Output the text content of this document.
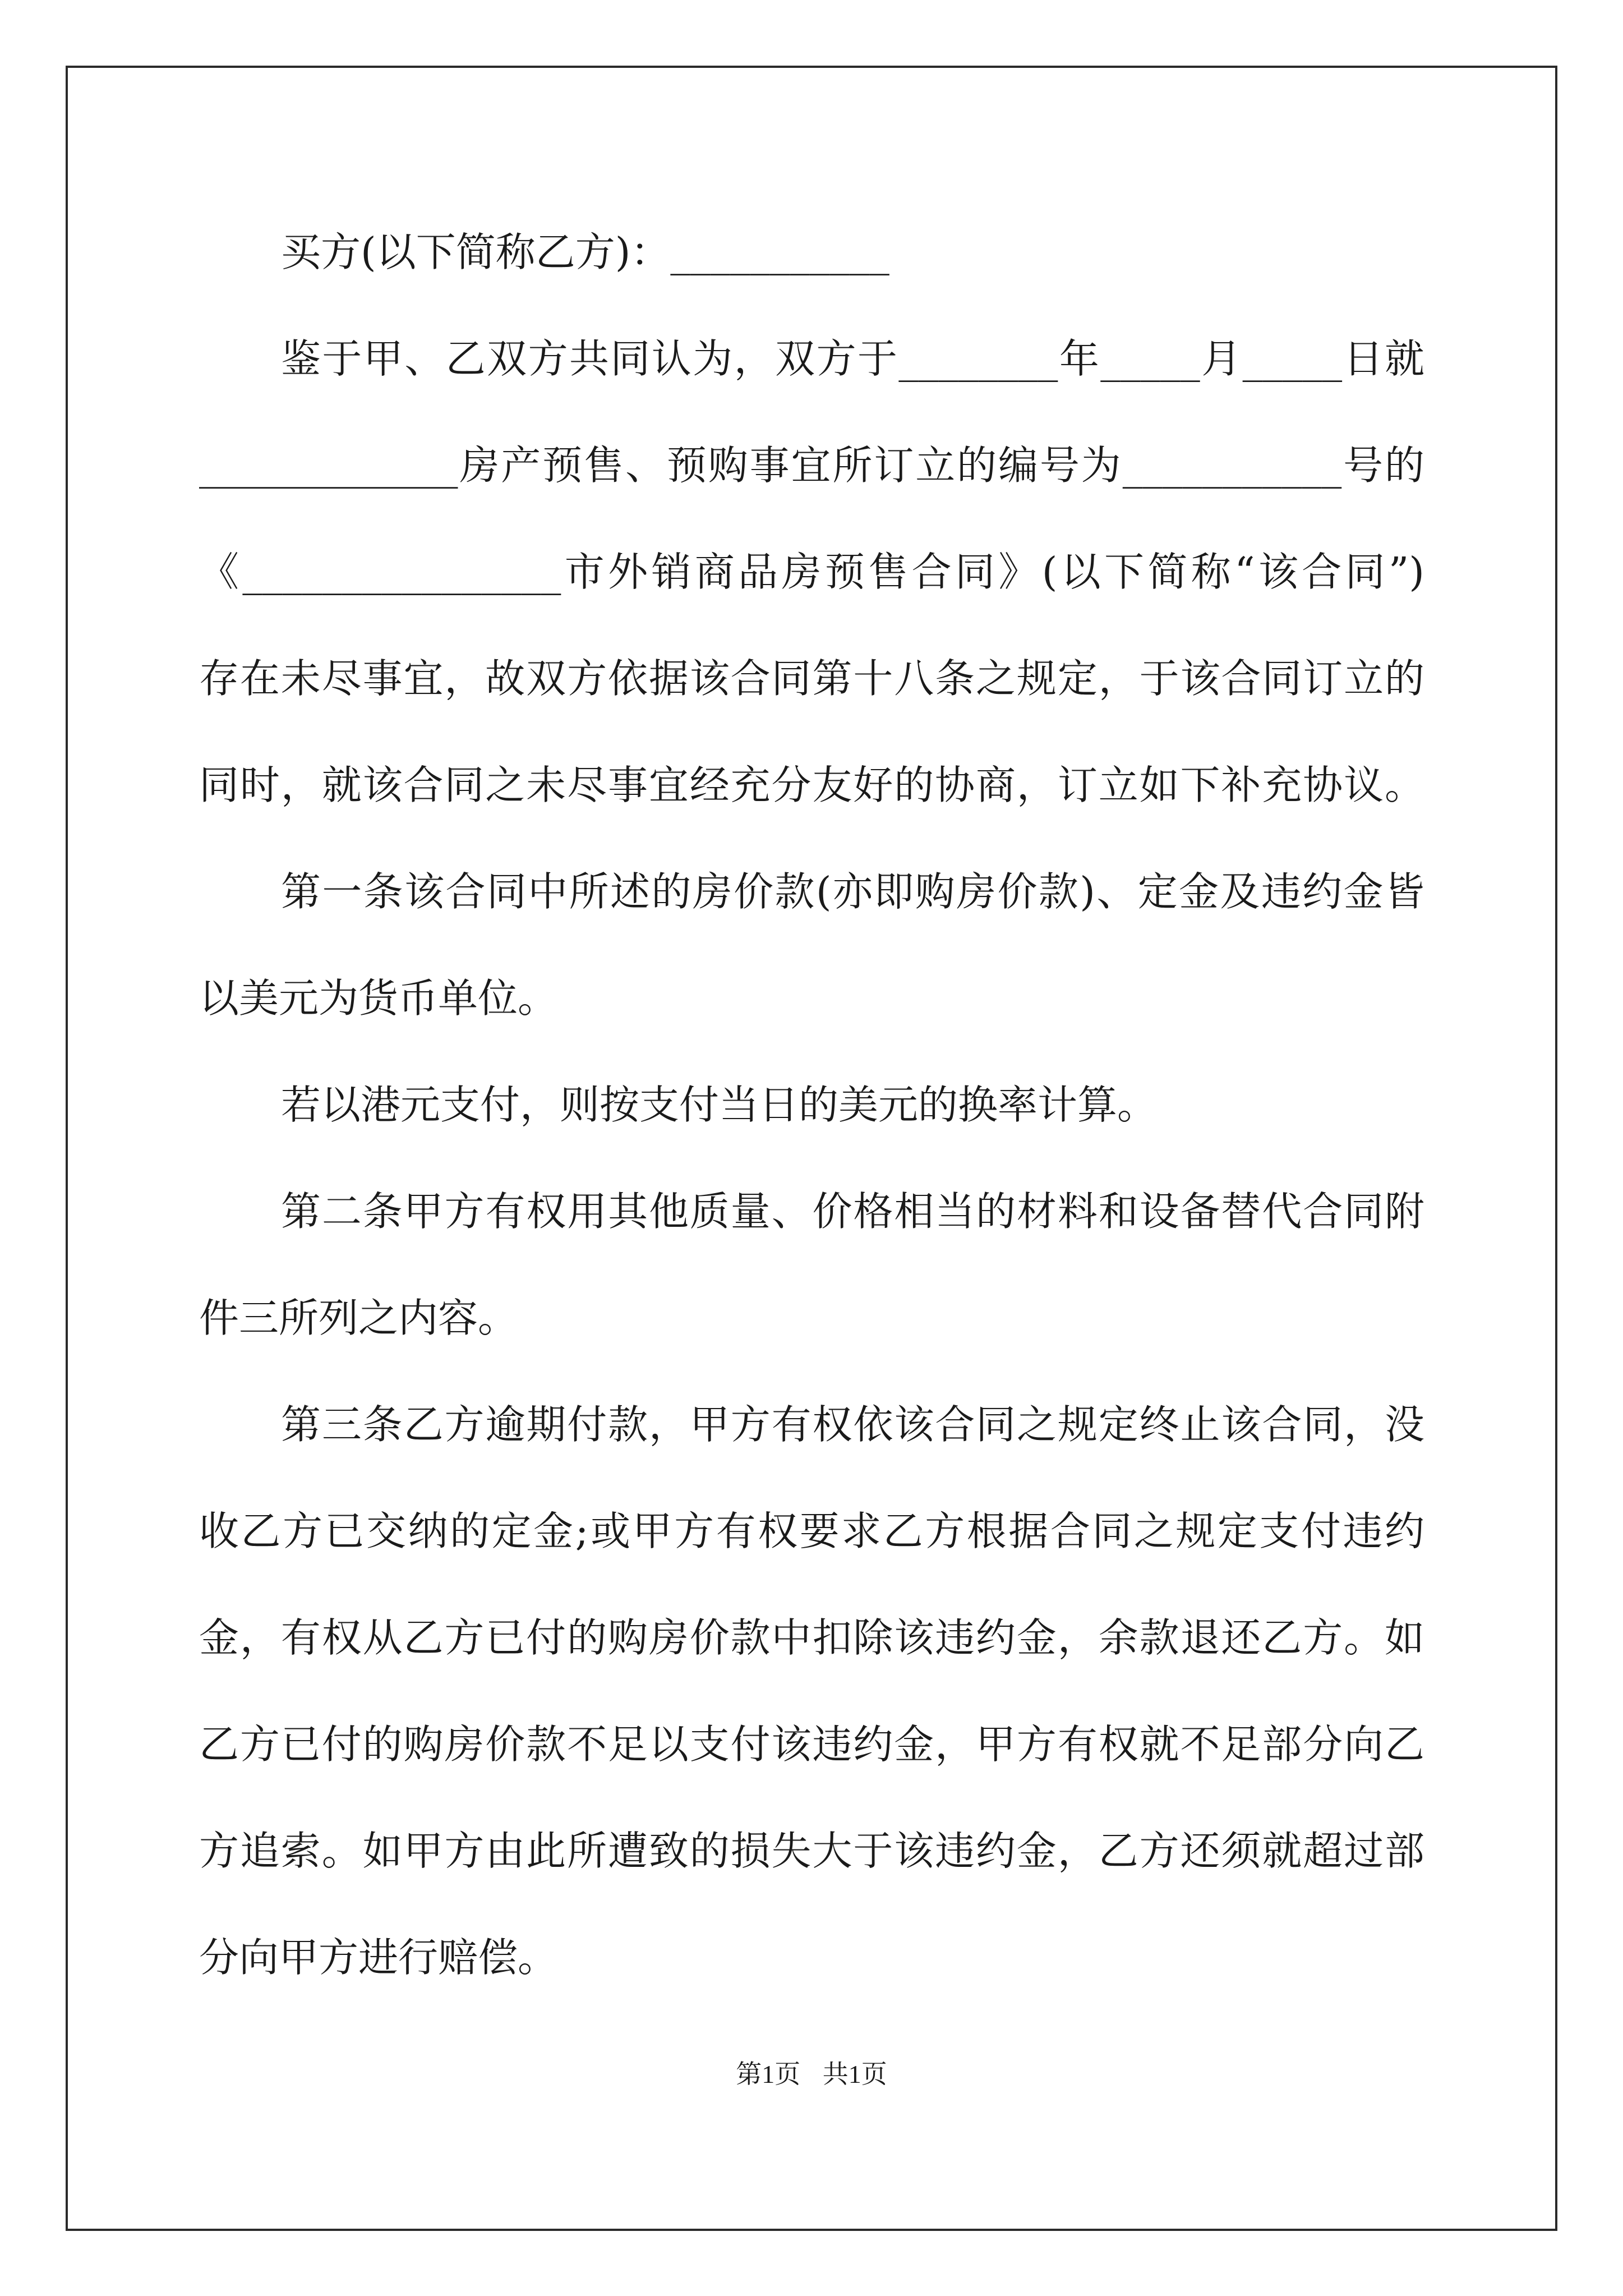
买方(以下简称乙方)：___________
鉴于甲、乙双方共同认为，双方于________年_____月_____日就
_____________房产预售、预购事宜所订立的编号为___________号的
《________________市外销商品房预售合同》(以下简称“该合同”)
存在未尽事宜，故双方依据该合同第十八条之规定，于该合同订立的
同时，就该合同之未尽事宜经充分友好的协商，订立如下补充协议。
第一条该合同中所述的房价款(亦即购房价款)、定金及违约金皆
以美元为货币单位。
若以港元支付，则按支付当日的美元的换率计算。
第二条甲方有权用其他质量、价格相当的材料和设备替代合同附
件三所列之内容。
第三条乙方逾期付款，甲方有权依该合同之规定终止该合同，没
收乙方已交纳的定金;或甲方有权要求乙方根据合同之规定支付违约
金，有权从乙方已付的购房价款中扣除该违约金，余款退还乙方。如
乙方已付的购房价款不足以支付该违约金，甲方有权就不足部分向乙
方追索。如甲方由此所遭致的损失大于该违约金，乙方还须就超过部
分向甲方进行赔偿。
第1页 共1页
